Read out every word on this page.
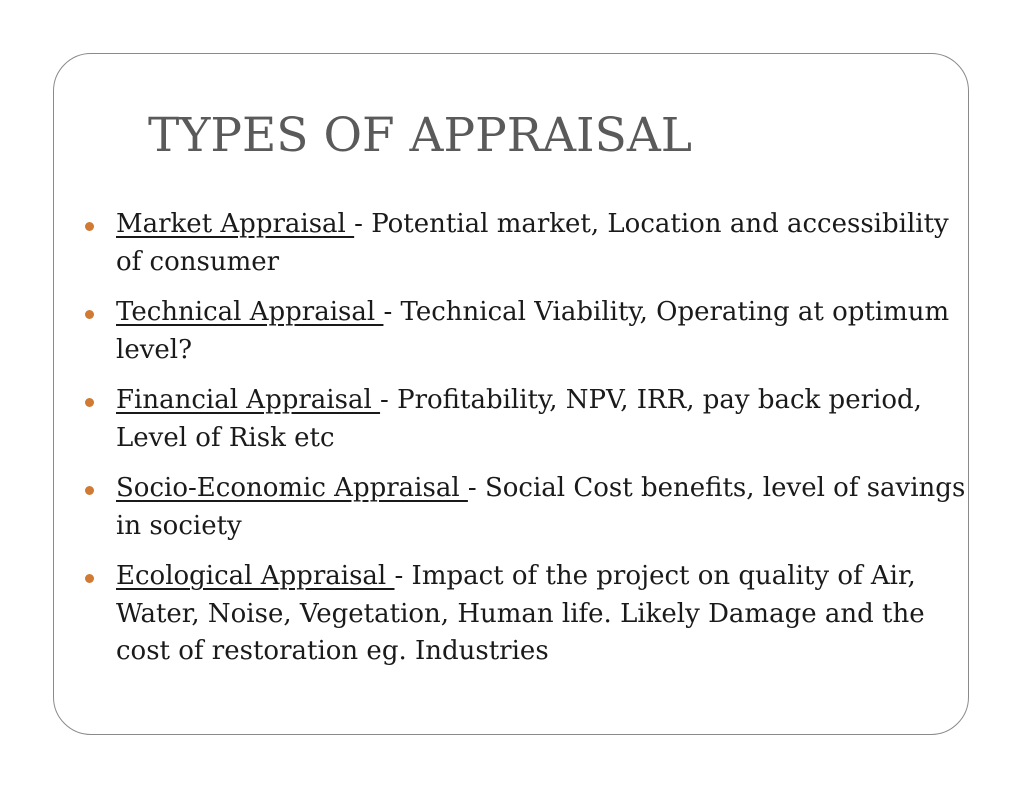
TYPES OF APPRAISAL
Market Appraisal - Potential market, Location and accessibility of consumer
Technical Appraisal - Technical Viability, Operating at optimum level?
Financial Appraisal - Profitability, NPV, IRR, pay back period, Level of Risk etc
Socio-Economic Appraisal - Social Cost benefits, level of savings in society
Ecological Appraisal - Impact of the project on quality of Air, Water, Noise, Vegetation, Human life. Likely Damage and the cost of restoration eg. Industries
